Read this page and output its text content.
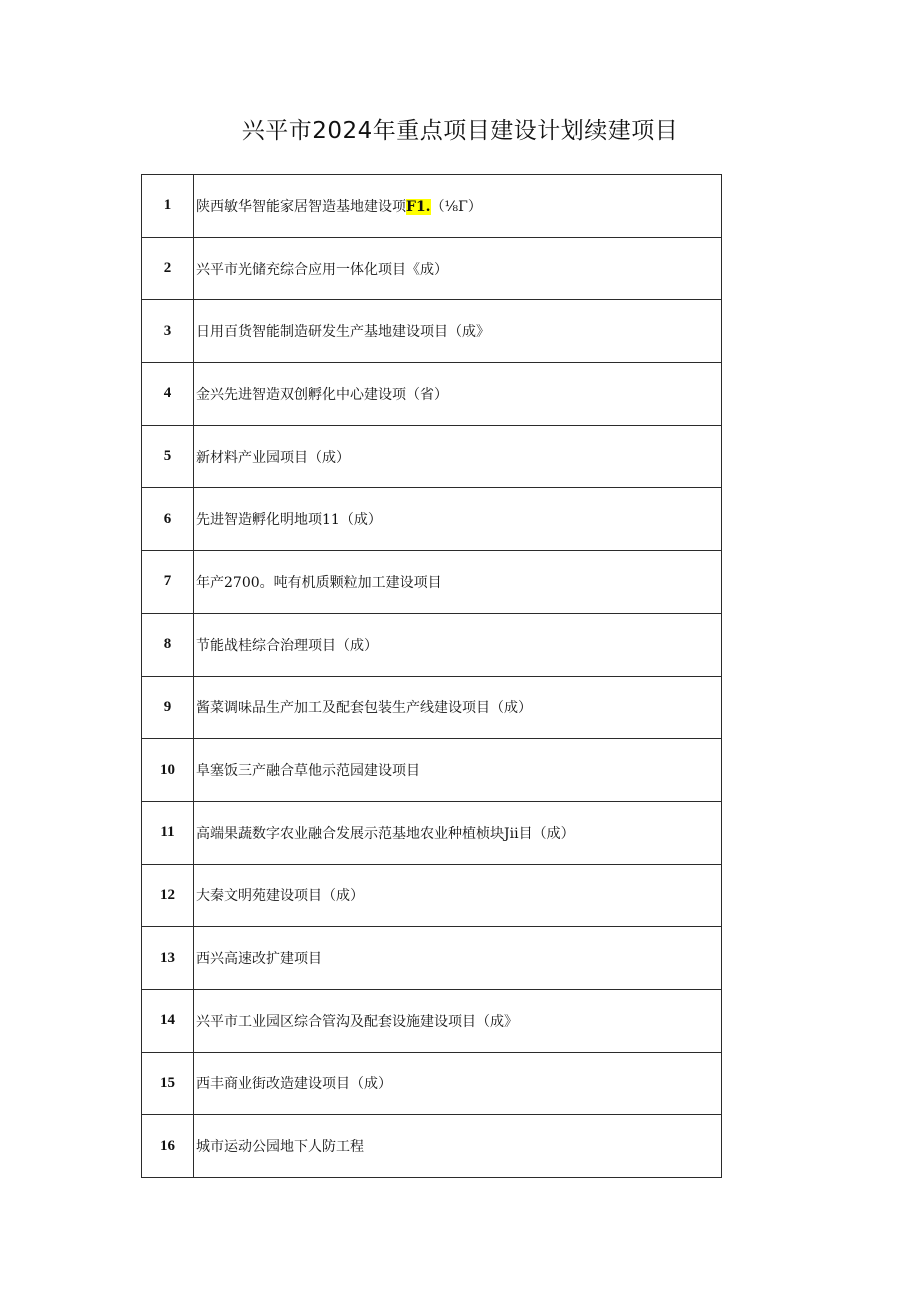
兴平市2024年重点项目建设计划续建项目
1	陕西敏华智能家居智造基地建设项F1.（⅛Γ）
2	兴平市光储充综合应用一体化项目《成）
3	日用百货智能制造研发生产基地建设项目（成》
4	金兴先进智造双创孵化中心建设项（省）
5	新材料产业园项目（成）
6	先进智造孵化明地项11（成）
7	年产2700。吨有机质颗粒加工建设项目
8	节能战桂综合治理项目（成）
9	酱菜调味品生产加工及配套包装生产线建设项目（成）
10	阜塞饭三产融合草他示范园建设项目
11	高端果蔬数字农业融合发展示范基地农业种植桢块Jii目（成）
12	大秦文明苑建设项目（成）
13	西兴高速改扩建项目
14	兴平市工业园区综合管沟及配套设施建设项目（成》
15	西丰商业街改造建设项目（成）
16	城市运动公园地下人防工程
